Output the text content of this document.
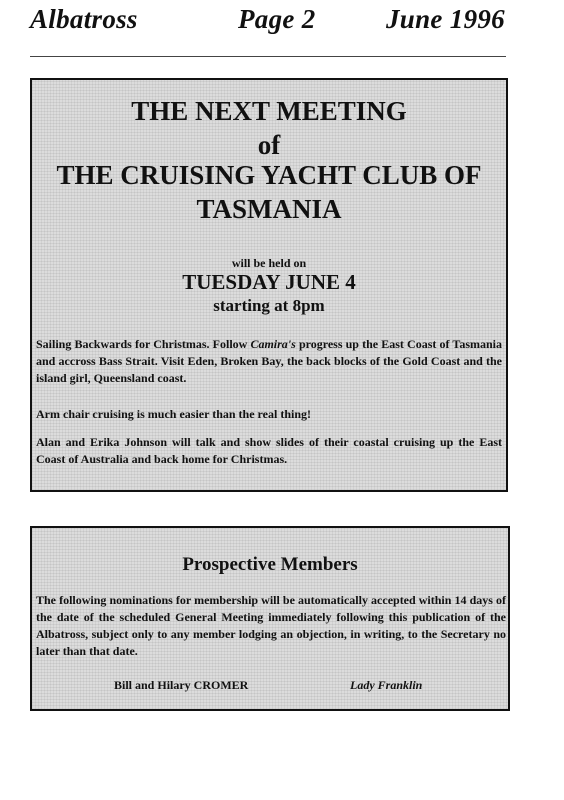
Albatross	Page 2	June 1996
THE NEXT MEETING
of
THE CRUISING YACHT CLUB OF
TASMANIA
will be held on
TUESDAY JUNE 4
starting at 8pm
Sailing Backwards for Christmas. Follow Camira's progress up the East Coast of Tasmania and accross Bass Strait. Visit Eden, Broken Bay, the back blocks of the Gold Coast and the island girl, Queensland coast.
Arm chair cruising is much easier than the real thing!
Alan and Erika Johnson will talk and show slides of their coastal cruising up the East Coast of Australia and back home for Christmas.
Prospective Members
The following nominations for membership will be automatically accepted within 14 days of the date of the scheduled General Meeting immediately following this publication of the Albatross, subject only to any member lodging an objection, in writing, to the Secretary no later than that date.
Bill and Hilary CROMER	Lady Franklin
